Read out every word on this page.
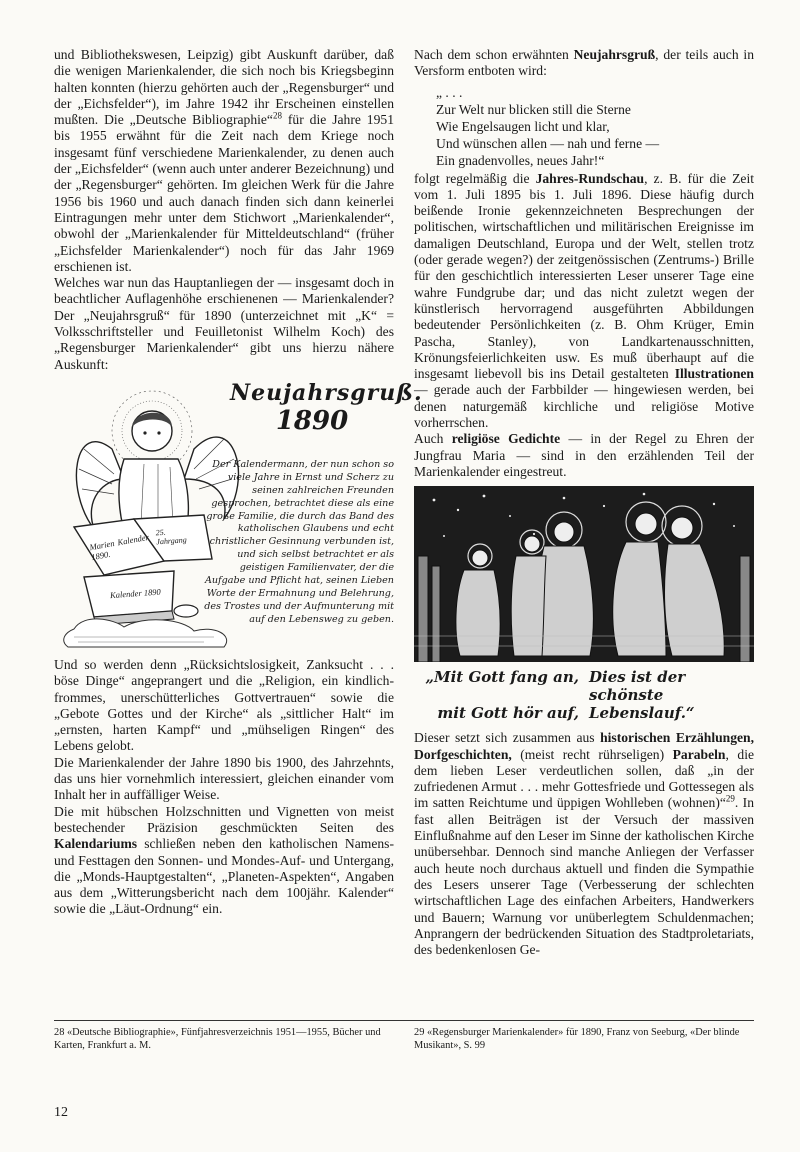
und Bibliothekswesen, Leipzig) gibt Auskunft darüber, daß die wenigen Marienkalender, die sich noch bis Kriegsbeginn halten konnten (hierzu gehörten auch der „Regensburger“ und der „Eichsfelder“), im Jahre 1942 ihr Erscheinen einstellen mußten. Die „Deutsche Bibliographie“$^{28}$ für die Jahre 1951 bis 1955 erwähnt für die Zeit nach dem Kriege noch insgesamt fünf verschiedene Marienkalender, zu denen auch der „Eichsfelder“ (wenn auch unter anderer Bezeichnung) und der „Regensburger“ gehörten. Im gleichen Werk für die Jahre 1956 bis 1960 und auch danach finden sich dann keinerlei Eintragungen mehr unter dem Stichwort „Marienkalender“, obwohl der „Marienkalender für Mitteldeutschland“ (früher „Eichsfelder Marienkalender“) noch für das Jahr 1969 erschienen ist.

Welches war nun das Hauptanliegen der — insgesamt doch in beachtlicher Auflagenhöhe erschienenen — Marienkalender? Der „Neujahrsgruß“ für 1890 (unterzeichnet mit „K“ = Volksschriftsteller und Feuilletonist Wilhelm Koch) des „Regensburger Marienkalender“ gibt uns hierzu nähere Auskunft:

Marien Kalender 1890.
25. Jahrgang
Kalender 1890
Neujahrsgruß.
1890
Der Kalendermann, der nun schon so viele Jahre in Ernst und Scherz zu seinen zahlreichen Freunden gesprochen, betrachtet diese als eine große Familie, die durch das Band des katholischen Glaubens und echt christlicher Gesinnung verbunden ist, und sich selbst betrachtet er als geistigen Familienvater, der die Aufgabe und Pflicht hat, seinen Lieben Worte der Ermahnung und Belehrung, des Trostes und der Aufmunterung mit auf den Lebensweg zu geben.

Und so werden denn „Rücksichtslosigkeit, Zanksucht . . . böse Dinge“ angeprangert und die „Religion, ein kindlich-frommes, unerschütterliches Gottvertrauen“ sowie die „Gebote Gottes und der Kirche“ als „sittlicher Halt“ im „ernsten, harten Kampf“ und „mühseligen Ringen“ des Lebens gelobt.

Die Marienkalender der Jahre 1890 bis 1900, des Jahrzehnts, das uns hier vornehmlich interessiert, gleichen einander vom Inhalt her in auffälliger Weise.

Die mit hübschen Holzschnitten und Vignetten von meist bestechender Präzision geschmückten Seiten des Kalendariums schließen neben den katholischen Namens- und Festtagen den Sonnen- und Mondes-Auf- und Untergang, die „Monds-Hauptgestalten“, „Planeten-Aspekten“, Angaben aus dem „Witterungsbericht nach dem 100jähr. Kalender“ sowie die „Läut-Ordnung“ ein.

Nach dem schon erwähnten Neujahrsgruß, der teils auch in Versform entboten wird:

„ . . .
Zur Welt nur blicken still die Sterne
Wie Engelsaugen licht und klar,
Und wünschen allen — nah und ferne —
Ein gnadenvolles, neues Jahr!“

folgt regelmäßig die Jahres-Rundschau, z. B. für die Zeit vom 1. Juli 1895 bis 1. Juli 1896. Diese häufig durch beißende Ironie gekennzeichneten Besprechungen der politischen, wirtschaftlichen und militärischen Ereignisse im damaligen Deutschland, Europa und der Welt, stellen trotz (oder gerade wegen?) der zeitgenössischen (Zentrums-) Brille für den geschichtlich interessierten Leser unserer Tage eine wahre Fundgrube dar; und das nicht zuletzt wegen der künstlerisch hervorragend ausgeführten Abbildungen bedeutender Persönlichkeiten (z. B. Ohm Krüger, Emin Pascha, Stanley), von Landkartenausschnitten, Krönungsfeierlichkeiten usw. Es muß überhaupt auf die insgesamt liebevoll bis ins Detail gestalteten Illustrationen — gerade auch der Farbbilder — hingewiesen werden, bei denen naturgemäß kirchliche und religiöse Motive vorherrschen.

Auch religiöse Gedichte — in der Regel zu Ehren der Jungfrau Maria — sind in den erzählenden Teil der Marienkalender eingestreut.

„Mit Gott fang an, Dies ist der schönste
mit Gott hör auf, Lebenslauf.“

Dieser setzt sich zusammen aus historischen Erzählungen, Dorfgeschichten, (meist recht rührseligen) Parabeln, die dem lieben Leser verdeutlichen sollen, daß „in der zufriedenen Armut . . . mehr Gottesfriede und Gottessegen als im satten Reichtume und üppigen Wohlleben (wohnen)“$^{29}$. In fast allen Beiträgen ist der Versuch der massiven Einflußnahme auf den Leser im Sinne der katholischen Kirche unübersehbar. Dennoch sind manche Anliegen der Verfasser auch heute noch durchaus aktuell und finden die Sympathie des Lesers unserer Tage (Verbesserung der schlechten wirtschaftlichen Lage des einfachen Arbeiters, Handwerkers und Bauern; Warnung vor unüberlegtem Schuldenmachen; Anprangern der bedrückenden Situation des Stadtproletariats, des bedenkenlosen Ge-

28 «Deutsche Bibliographie», Fünfjahresverzeichnis 1951––1955, Bücher und Karten, Frankfurt a. M.
29 «Regensburger Marienkalender» für 1890, Franz von Seeburg, «Der blinde Musikant», S. 99
12
